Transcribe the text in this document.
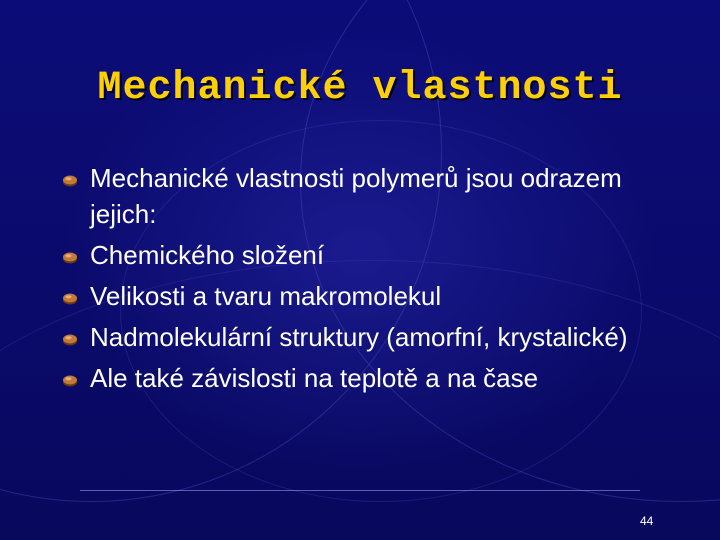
Mechanické vlastnosti
Mechanické vlastnosti polymerů jsou odrazem jejich:
Chemického složení
Velikosti a tvaru makromolekul
Nadmolekulární struktury (amorfní, krystalické)
Ale také závislosti na teplotě a na čase
44
